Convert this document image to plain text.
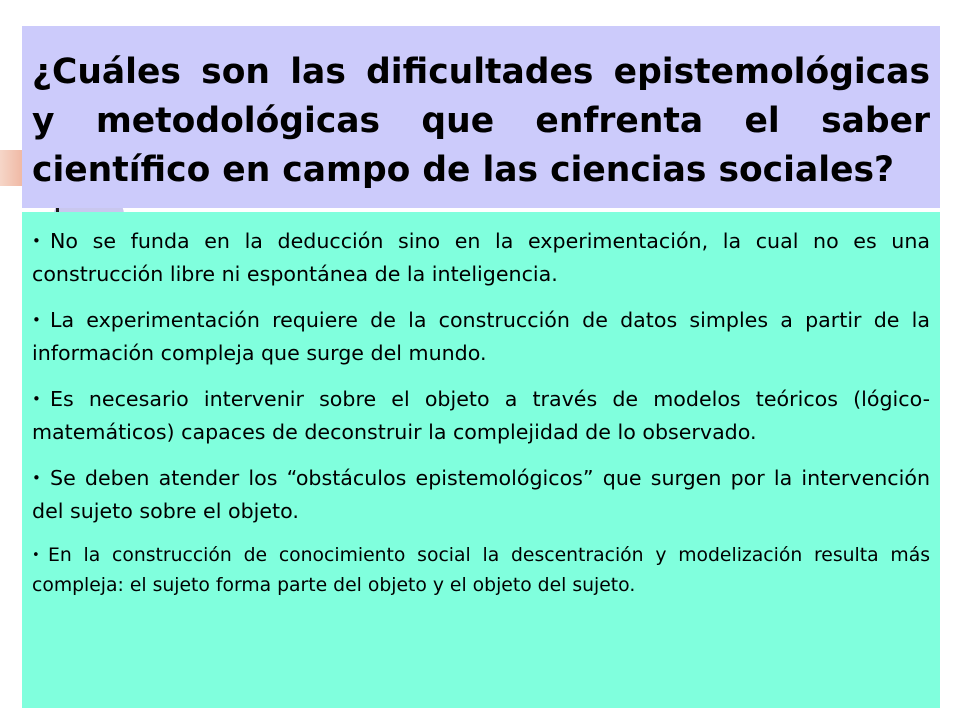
¿Cuáles son las dificultades epistemológicas y metodológicas que enfrenta el saber científico en campo de las ciencias sociales?
• No se funda en la deducción sino en la experimentación, la cual no es una construcción libre ni espontánea de la inteligencia.
• La experimentación requiere de la construcción de datos simples a partir de la información compleja que surge del mundo.
• Es necesario intervenir sobre el objeto a través de modelos teóricos (lógico-matemáticos) capaces de deconstruir la complejidad de lo observado.
• Se deben atender los “obstáculos epistemológicos” que surgen por la intervención del sujeto sobre el objeto.
• En la construcción de conocimiento social la descentración y modelización resulta más compleja: el sujeto forma parte del objeto y el objeto del sujeto.
